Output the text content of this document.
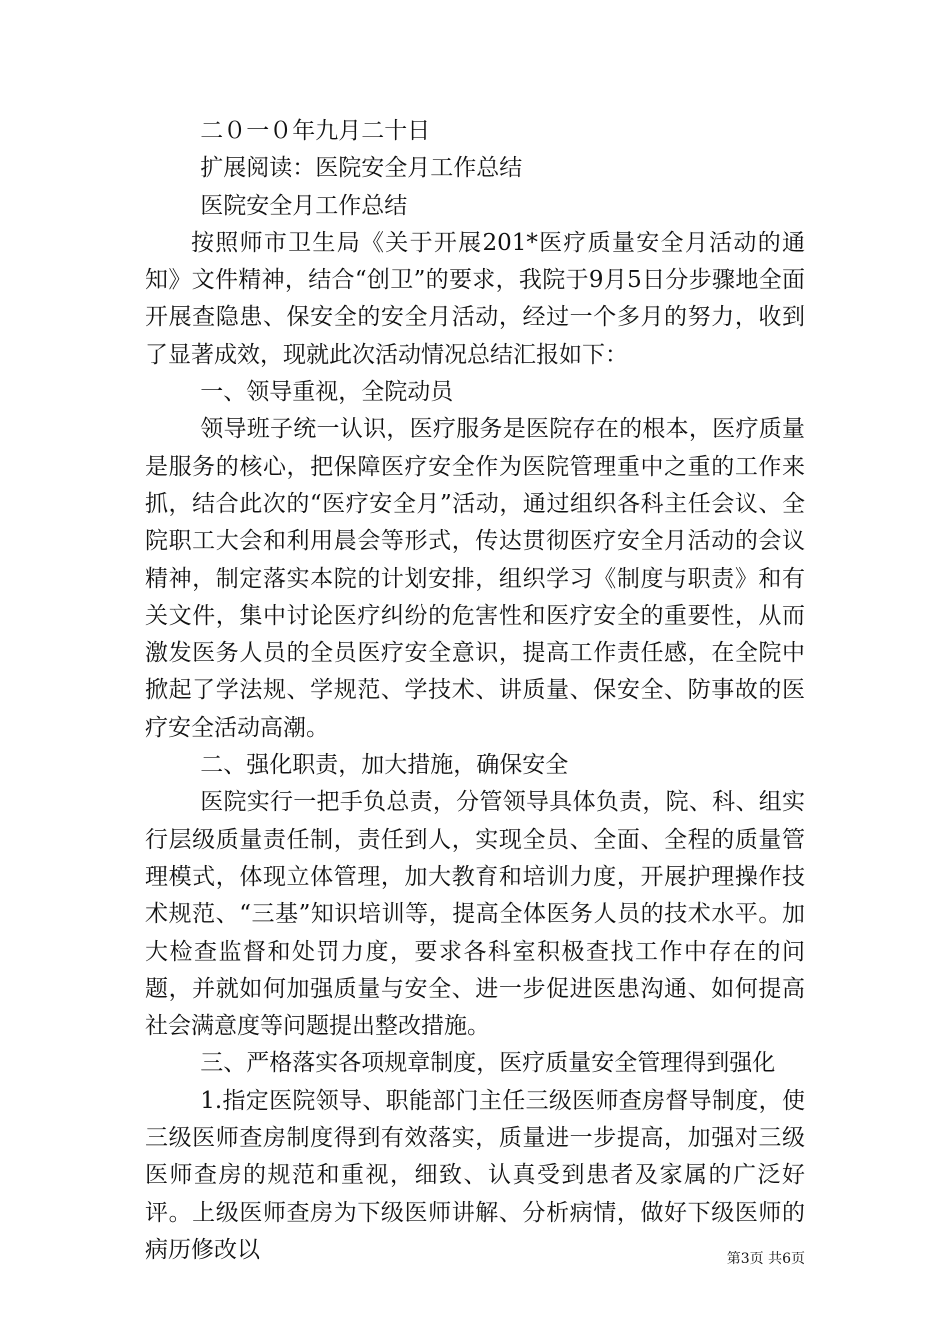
二０一０年九月二十日

扩展阅读：医院安全月工作总结

医院安全月工作总结

按照师市卫生局《关于开展201*医疗质量安全月活动的通知》文件精神，结合“创卫”的要求，我院于9月5日分步骤地全面开展查隐患、保安全的安全月活动，经过一个多月的努力，收到了显著成效，现就此次活动情况总结汇报如下：

一、领导重视，全院动员

领导班子统一认识，医疗服务是医院存在的根本，医疗质量是服务的核心，把保障医疗安全作为医院管理重中之重的工作来抓，结合此次的“医疗安全月”活动，通过组织各科主任会议、全院职工大会和利用晨会等形式，传达贯彻医疗安全月活动的会议精神，制定落实本院的计划安排，组织学习《制度与职责》和有关文件，集中讨论医疗纠纷的危害性和医疗安全的重要性，从而激发医务人员的全员医疗安全意识，提高工作责任感，在全院中掀起了学法规、学规范、学技术、讲质量、保安全、防事故的医疗安全活动高潮。

二、强化职责，加大措施，确保安全

医院实行一把手负总责，分管领导具体负责，院、科、组实行层级质量责任制，责任到人，实现全员、全面、全程的质量管理模式，体现立体管理，加大教育和培训力度，开展护理操作技术规范、“三基”知识培训等，提高全体医务人员的技术水平。加大检查监督和处罚力度，要求各科室积极查找工作中存在的问题，并就如何加强质量与安全、进一步促进医患沟通、如何提高社会满意度等问题提出整改措施。

三、严格落实各项规章制度，医疗质量安全管理得到强化

1.指定医院领导、职能部门主任三级医师查房督导制度，使三级医师查房制度得到有效落实，质量进一步提高，加强对三级医师查房的规范和重视，细致、认真受到患者及家属的广泛好评。上级医师查房为下级医师讲解、分析病情，做好下级医师的病历修改以	第3页 共6页
